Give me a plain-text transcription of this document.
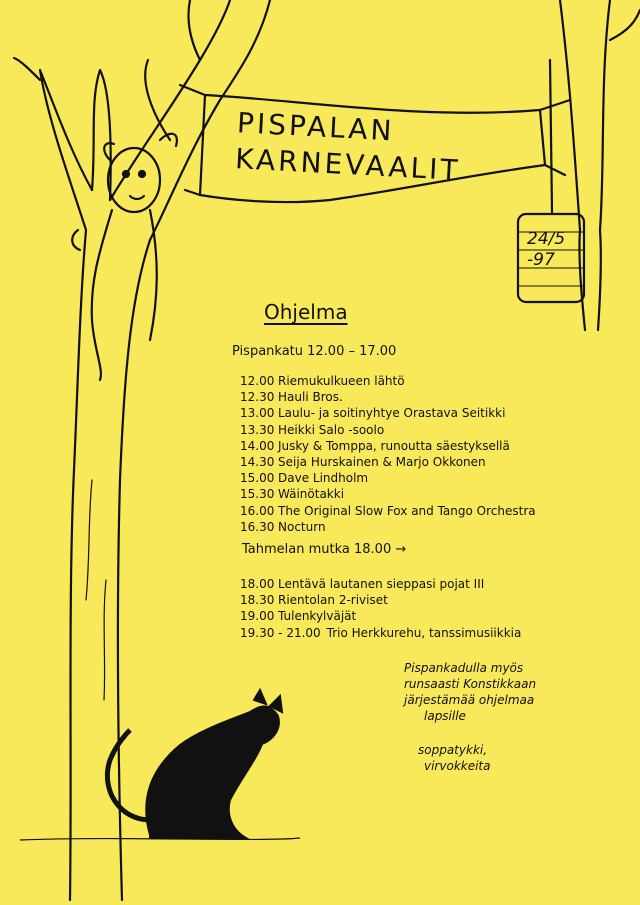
PISPALAN
KARNEVAALIT
24/5
-97
Ohjelma
Pispankatu 12.00 – 17.00
12.00 Riemukulkueen lähtö
12.30 Hauli Bros.
13.00 Laulu- ja soitinyhtye Orastava Seitikki
13.30 Heikki Salo -soolo
14.00 Jusky & Tomppa, runoutta säestyksellä
14.30 Seija Hurskainen & Marjo Okkonen
15.00 Dave Lindholm
15.30 Wäinötakki
16.00 The Original Slow Fox and Tango Orchestra
16.30 Nocturn
Tahmelan mutka 18.00 →
18.00 Lentävä lautanen sieppasi pojat III
18.30 Rientolan 2-riviset
19.00 Tulenkylväjät
19.30 - 21.00 Trio Herkkurehu, tanssimusiikkia
Pispankadulla myös
runsaasti Konstikkaan
järjestämää ohjelmaa
lapsille
soppatykki,
virvokkeita
